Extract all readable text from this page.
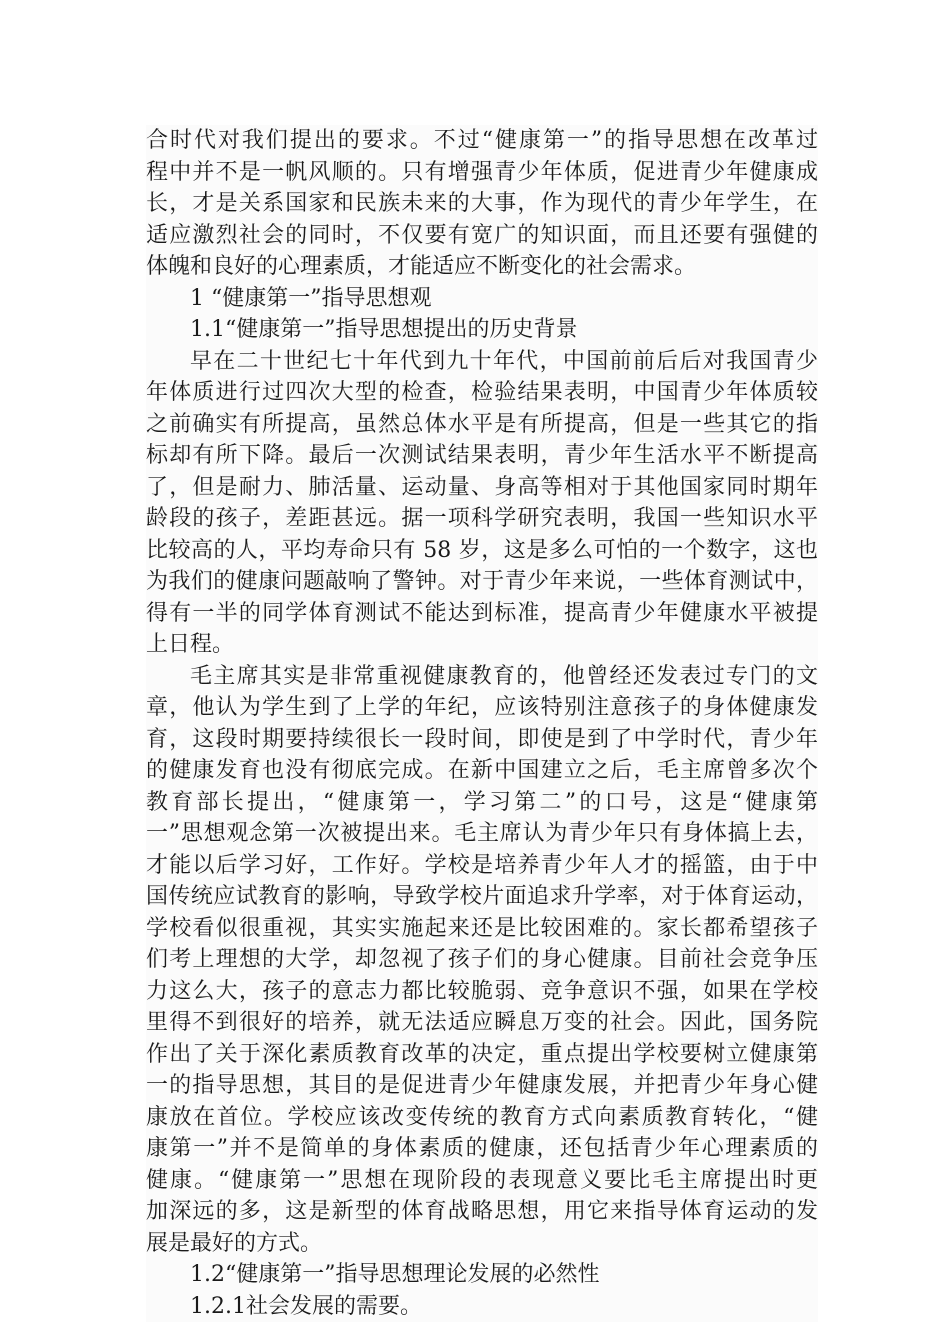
合时代对我们提出的要求。不过“健康第一”的指导思想在改革过
程中并不是一帆风顺的。只有增强青少年体质，促进青少年健康成
长，才是关系国家和民族未来的大事，作为现代的青少年学生，在
适应激烈社会的同时，不仅要有宽广的知识面，而且还要有强健的
体魄和良好的心理素质，才能适应不断变化的社会需求。
1 “健康第一”指导思想观
1.1“健康第一”指导思想提出的历史背景
早在二十世纪七十年代到九十年代，中国前前后后对我国青少
年体质进行过四次大型的检查，检验结果表明，中国青少年体质较
之前确实有所提高，虽然总体水平是有所提高，但是一些其它的指
标却有所下降。最后一次测试结果表明，青少年生活水平不断提高
了，但是耐力、肺活量、运动量、身高等相对于其他国家同时期年
龄段的孩子，差距甚远。据一项科学研究表明，我国一些知识水平
比较高的人，平均寿命只有 58 岁，这是多么可怕的一个数字，这也
为我们的健康问题敲响了警钟。对于青少年来说，一些体育测试中，
得有一半的同学体育测试不能达到标准，提高青少年健康水平被提
上日程。
毛主席其实是非常重视健康教育的，他曾经还发表过专门的文
章，他认为学生到了上学的年纪，应该特别注意孩子的身体健康发
育，这段时期要持续很长一段时间，即使是到了中学时代，青少年
的健康发育也没有彻底完成。在新中国建立之后，毛主席曾多次个
教育部长提出，“健康第一，学习第二”的口号，这是“健康第
一”思想观念第一次被提出来。毛主席认为青少年只有身体搞上去，
才能以后学习好，工作好。学校是培养青少年人才的摇篮，由于中
国传统应试教育的影响，导致学校片面追求升学率，对于体育运动，
学校看似很重视，其实实施起来还是比较困难的。家长都希望孩子
们考上理想的大学，却忽视了孩子们的身心健康。目前社会竞争压
力这么大，孩子的意志力都比较脆弱、竞争意识不强，如果在学校
里得不到很好的培养，就无法适应瞬息万变的社会。因此，国务院
作出了关于深化素质教育改革的决定，重点提出学校要树立健康第
一的指导思想，其目的是促进青少年健康发展，并把青少年身心健
康放在首位。学校应该改变传统的教育方式向素质教育转化，“健
康第一”并不是简单的身体素质的健康，还包括青少年心理素质的
健康。“健康第一”思想在现阶段的表现意义要比毛主席提出时更
加深远的多，这是新型的体育战略思想，用它来指导体育运动的发
展是最好的方式。
1.2“健康第一”指导思想理论发展的必然性
1.2.1社会发展的需要。
